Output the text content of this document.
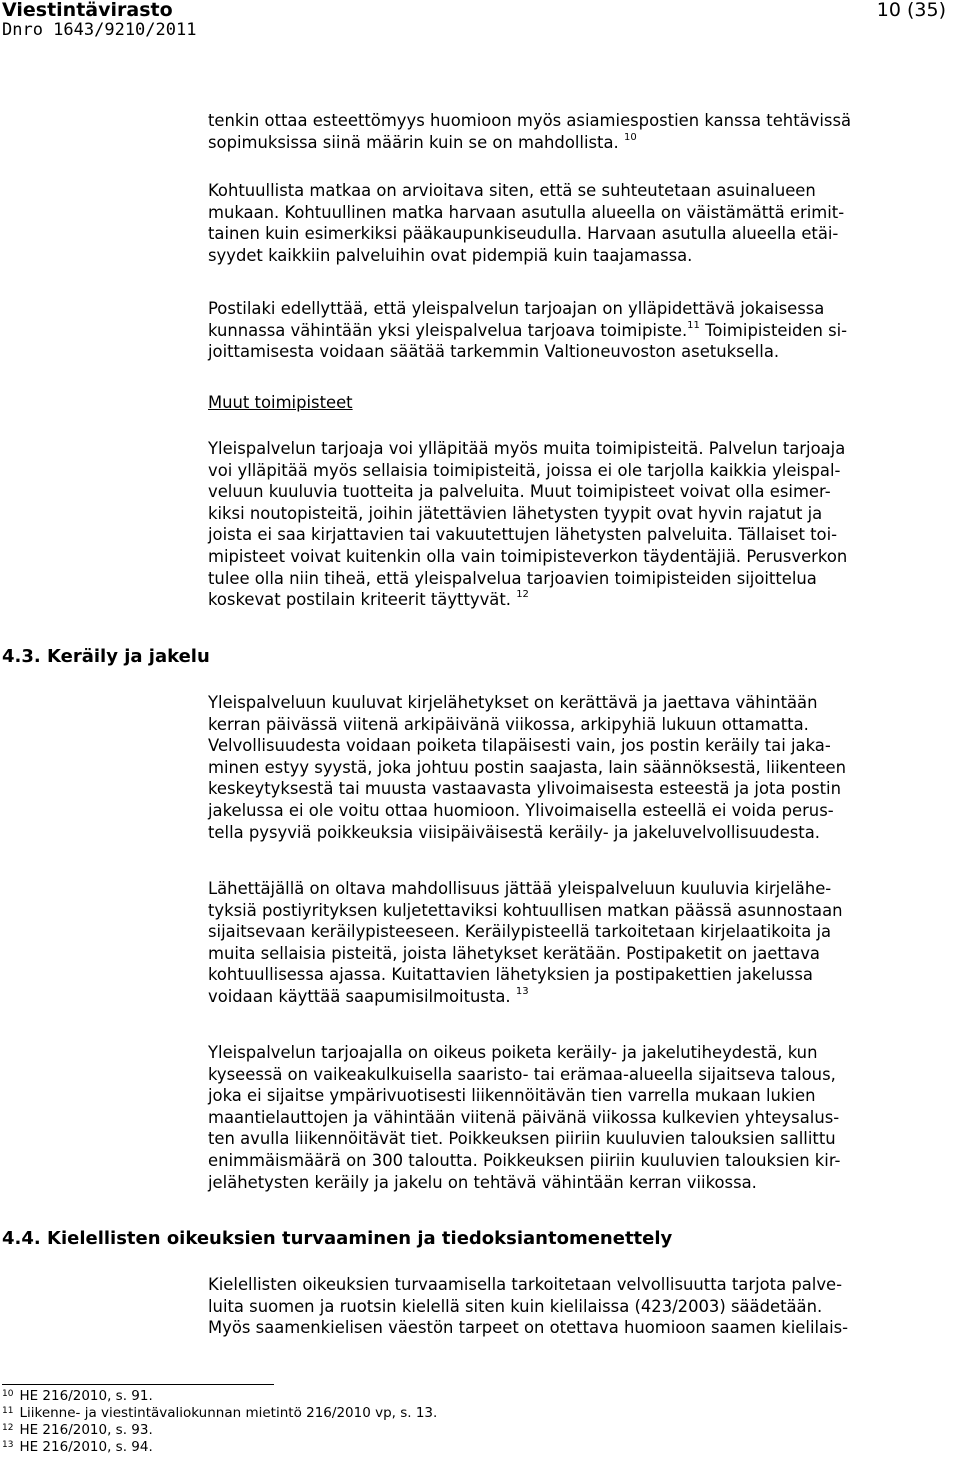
Viestintävirasto
Dnro 1643/9210/2011
10 (35)
tenkin ottaa esteettömyys huomioon myös asiamiespostien kanssa tehtävissä
sopimuksissa siinä määrin kuin se on mahdollista. $^{10}$
Kohtuullista matkaa on arvioitava siten, että se suhteutetaan asuinalueen
mukaan. Kohtuullinen matka harvaan asutulla alueella on väistämättä erimit-
tainen kuin esimerkiksi pääkaupunkiseudulla. Harvaan asutulla alueella etäi-
syydet kaikkiin palveluihin ovat pidempiä kuin taajamassa.
Postilaki edellyttää, että yleispalvelun tarjoajan on ylläpidettävä jokaisessa
kunnassa vähintään yksi yleispalvelua tarjoava toimipiste.$^{11}$ Toimipisteiden si-
joittamisesta voidaan säätää tarkemmin Valtioneuvoston asetuksella.
Muut toimipisteet
Yleispalvelun tarjoaja voi ylläpitää myös muita toimipisteitä. Palvelun tarjoaja
voi ylläpitää myös sellaisia toimipisteitä, joissa ei ole tarjolla kaikkia yleispal-
veluun kuuluvia tuotteita ja palveluita. Muut toimipisteet voivat olla esimer-
kiksi noutopisteitä, joihin jätettävien lähetysten tyypit ovat hyvin rajatut ja
joista ei saa kirjattavien tai vakuutettujen lähetysten palveluita. Tällaiset toi-
mipisteet voivat kuitenkin olla vain toimipisteverkon täydentäjiä. Perusverkon
tulee olla niin tiheä, että yleispalvelua tarjoavien toimipisteiden sijoittelua
koskevat postilain kriteerit täyttyvät. $^{12}$
4.3. Keräily ja jakelu
Yleispalveluun kuuluvat kirjelähetykset on kerättävä ja jaettava vähintään
kerran päivässä viitenä arkipäivänä viikossa, arkipyhiä lukuun ottamatta.
Velvollisuudesta voidaan poiketa tilapäisesti vain, jos postin keräily tai jaka-
minen estyy syystä, joka johtuu postin saajasta, lain säännöksestä, liikenteen
keskeytyksestä tai muusta vastaavasta ylivoimaisesta esteestä ja jota postin
jakelussa ei ole voitu ottaa huomioon. Ylivoimaisella esteellä ei voida perus-
tella pysyviä poikkeuksia viisipäiväisestä keräily- ja jakeluvelvollisuudesta.
Lähettäjällä on oltava mahdollisuus jättää yleispalveluun kuuluvia kirjelähe-
tyksiä postiyrityksen kuljetettaviksi kohtuullisen matkan päässä asunnostaan
sijaitsevaan keräilypisteeseen. Keräilypisteellä tarkoitetaan kirjelaatikoita ja
muita sellaisia pisteitä, joista lähetykset kerätään. Postipaketit on jaettava
kohtuullisessa ajassa. Kuitattavien lähetyksien ja postipakettien jakelussa
voidaan käyttää saapumisilmoitusta. $^{13}$
Yleispalvelun tarjoajalla on oikeus poiketa keräily- ja jakelutiheydestä, kun
kyseessä on vaikeakulkuisella saaristo- tai erämaa-alueella sijaitseva talous,
joka ei sijaitse ympärivuotisesti liikennöitävän tien varrella mukaan lukien
maantielauttojen ja vähintään viitenä päivänä viikossa kulkevien yhteysalus-
ten avulla liikennöitävät tiet. Poikkeuksen piiriin kuuluvien talouksien sallittu
enimmäismäärä on 300 taloutta. Poikkeuksen piiriin kuuluvien talouksien kir-
jelähetysten keräily ja jakelu on tehtävä vähintään kerran viikossa.
4.4. Kielellisten oikeuksien turvaaminen ja tiedoksiantomenettely
Kielellisten oikeuksien turvaamisella tarkoitetaan velvollisuutta tarjota palve-
luita suomen ja ruotsin kielellä siten kuin kielilaissa (423/2003) säädetään.
Myös saamenkielisen väestön tarpeet on otettava huomioon saamen kielilais-
$^{10}$ HE 216/2010, s. 91.
$^{11}$ Liikenne- ja viestintävaliokunnan mietintö 216/2010 vp, s. 13.
$^{12}$ HE 216/2010, s. 93.
$^{13}$ HE 216/2010, s. 94.
